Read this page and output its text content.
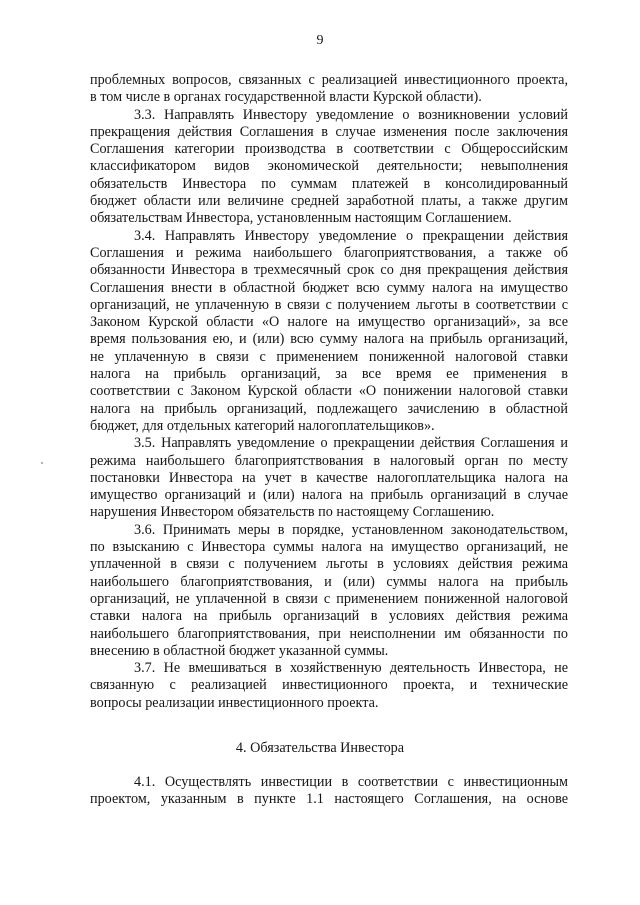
9
проблемных вопросов, связанных с реализацией инвестиционного проекта,
в том числе в органах государственной власти Курской области).
3.3. Направлять Инвестору уведомление о возникновении условий
прекращения действия Соглашения в случае изменения после заключения
Соглашения категории производства в соответствии с Общероссийским
классификатором видов экономической деятельности; невыполнения
обязательств Инвестора по суммам платежей в консолидированный
бюджет области или величине средней заработной платы, а также другим
обязательствам Инвестора, установленным настоящим Соглашением.
3.4. Направлять Инвестору уведомление о прекращении действия
Соглашения и режима наибольшего благоприятствования, а также об
обязанности Инвестора в трехмесячный срок со дня прекращения действия
Соглашения внести в областной бюджет всю сумму налога на имущество
организаций, не уплаченную в связи с получением льготы в соответствии с
Законом Курской области «О налоге на имущество организаций», за все
время пользования ею, и (или) всю сумму налога на прибыль организаций,
не уплаченную в связи с применением пониженной налоговой ставки
налога на прибыль организаций, за все время ее применения в
соответствии с Законом Курской области «О понижении налоговой ставки
налога на прибыль организаций, подлежащего зачислению в областной
бюджет, для отдельных категорий налогоплательщиков».
3.5. Направлять уведомление о прекращении действия Соглашения и
режима наибольшего благоприятствования в налоговый орган по месту
постановки Инвестора на учет в качестве налогоплательщика налога на
имущество организаций и (или) налога на прибыль организаций в случае
нарушения Инвестором обязательств по настоящему Соглашению.
3.6. Принимать меры в порядке, установленном законодательством,
по взысканию с Инвестора суммы налога на имущество организаций, не
уплаченной в связи с получением льготы в условиях действия режима
наибольшего благоприятствования, и (или) суммы налога на прибыль
организаций, не уплаченной в связи с применением пониженной налоговой
ставки налога на прибыль организаций в условиях действия режима
наибольшего благоприятствования, при неисполнении им обязанности по
внесению в областной бюджет указанной суммы.
3.7. Не вмешиваться в хозяйственную деятельность Инвестора, не
связанную с реализацией инвестиционного проекта, и технические
вопросы реализации инвестиционного проекта.
4. Обязательства Инвестора
4.1. Осуществлять инвестиции в соответствии с инвестиционным
проектом, указанным в пункте 1.1 настоящего Соглашения, на основе
